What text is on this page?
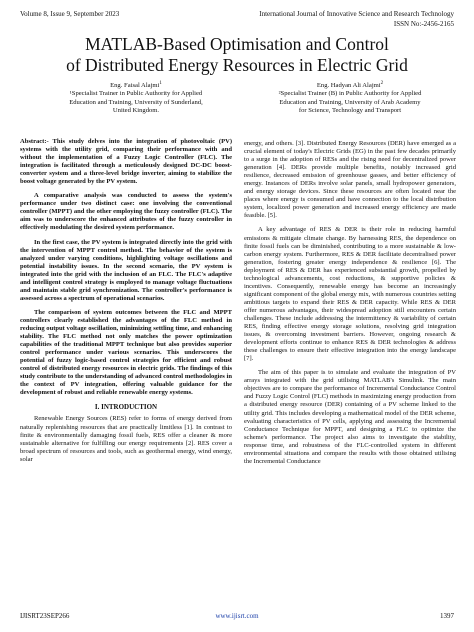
Volume 8, Issue 9, September 2023	International Journal of Innovative Science and Research Technology
ISSN No:-2456-2165
MATLAB-Based Optimisation and Control
of Distributed Energy Resources in Electric Grid
Eng. Faisal Alajmi$^1$
¹Specialist Trainer in Public Authority for Applied
Education and Training, University of Sunderland,
United Kingdom.
Eng. Hadyan Ali Alajmi$^2$
²Specialist Trainer (B) in Public Authority for Applied
Education and Training, University of Arab Academy
for Science, Technology and Transport
Abstract:- This study delves into the integration of photovoltaic (PV) systems with the utility grid, comparing their performance with and without the implementation of a Fuzzy Logic Controller (FLC). The integration is facilitated through a meticulously designed DC-DC boost-converter system and a three-level bridge inverter, aiming to stabilize the boost voltage generated by the PV system.
A comparative analysis was conducted to assess the system's performance under two distinct case: one involving the conventional controller (MPPT) and the other employing the fuzzy controller (FLC). The aim was to underscore the enhanced attributes of the fuzzy controller in effectively modulating the desired system performance.
In the first case, the PV system is integrated directly into the grid with the intervention of MPPT control method. The behavior of the system is analyzed under varying conditions, highlighting voltage oscillations and potential instability issues. In the second scenario, the PV system is integrated into the grid with the inclusion of an FLC. The FLC's adaptive and intelligent control strategy is employed to manage voltage fluctuations and maintain stable grid synchronization. The controller's performance is assessed across a spectrum of operational scenarios.
The comparison of system outcomes between the FLC and MPPT controllers clearly established the advantages of the FLC method in reducing output voltage oscillation, minimizing settling time, and enhancing stability. The FLC method not only matches the power optimization capabilities of the traditional MPPT technique but also provides superior control performance under various scenarios. This underscores the potential of fuzzy logic-based control strategies for efficient and robust control of distributed energy resources in electric grids. The findings of this study contribute to the understanding of advanced control methodologies in the context of PV integration, offering valuable guidance for the development of robust and reliable renewable energy systems.
I. INTRODUCTION
Renewable Energy Sources (RES) refer to forms of energy derived from naturally replenishing resources that are practically limitless [1]. In contrast to finite & environmentally damaging fossil fuels, RES offer a cleaner & more sustainable alternative for fulfilling our energy requirements [2]. RES cover a broad spectrum of resources and tools, such as geothermal energy, wind energy, solar
energy, and others. [3]. Distributed Energy Resources (DER) have emerged as a crucial element of today's Electric Grids (EG) in the past few decades primarily to a surge in the adoption of RESs and the rising need for decentralized power generation [4]. DERs provide multiple benefits, notably increased grid resilience, decreased emission of greenhouse gasses, and better efficiency of energy. Instances of DERs involve solar panels, small hydropower generators, and energy storage devices. Since these resources are often located near the places where energy is consumed and have connection to the local distribution system, localized power generation and increased energy efficiency are made feasible. [5].
A key advantage of RES & DER is their role in reducing harmful emissions & mitigate climate change. By harnessing RES, the dependence on finite fossil fuels can be diminished, contributing to a more sustainable & low-carbon energy system. Furthermore, RES & DER facilitate decentralised power generation, fostering greater energy independence & resilience [6]. The deployment of RES & DER has experienced substantial growth, propelled by technological advancements, cost reductions, & supportive policies & incentives. Consequently, renewable energy has become an increasingly significant component of the global energy mix, with numerous countries setting ambitious targets to expand their RES & DER capacity. While RES & DER offer numerous advantages, their widespread adoption still encounters certain challenges. These include addressing the intermittency & variability of certain RES, finding effective energy storage solutions, resolving grid integration issues, & overcoming investment barriers. However, ongoing research & development efforts continue to enhance RES & DER technologies & address these challenges to ensure their effective integration into the energy landscape [7].
The aim of this paper is to simulate and evaluate the integration of PV arrays integrated with the grid utilising MATLAB's Simulink. The main objectives are to compare the performance of Incremental Conductance Control and Fuzzy Logic Control (FLC) methods in maximizing energy production from a distributed energy resource (DER) containing of a PV scheme linked to the utility grid. This includes developing a mathematical model of the DER scheme, evaluating characteristics of PV cells, applying and assessing the Incremental Conductance Technique for MPPT, and designing a FLC to optimize the scheme's performance. The project also aims to investigate the stability, response time, and robustness of the FLC-controlled system in different environmental situations and compare the results with those obtained utilising the Incremental Conductance
IJISRT23SEP266	www.ijisrt.com	1397
